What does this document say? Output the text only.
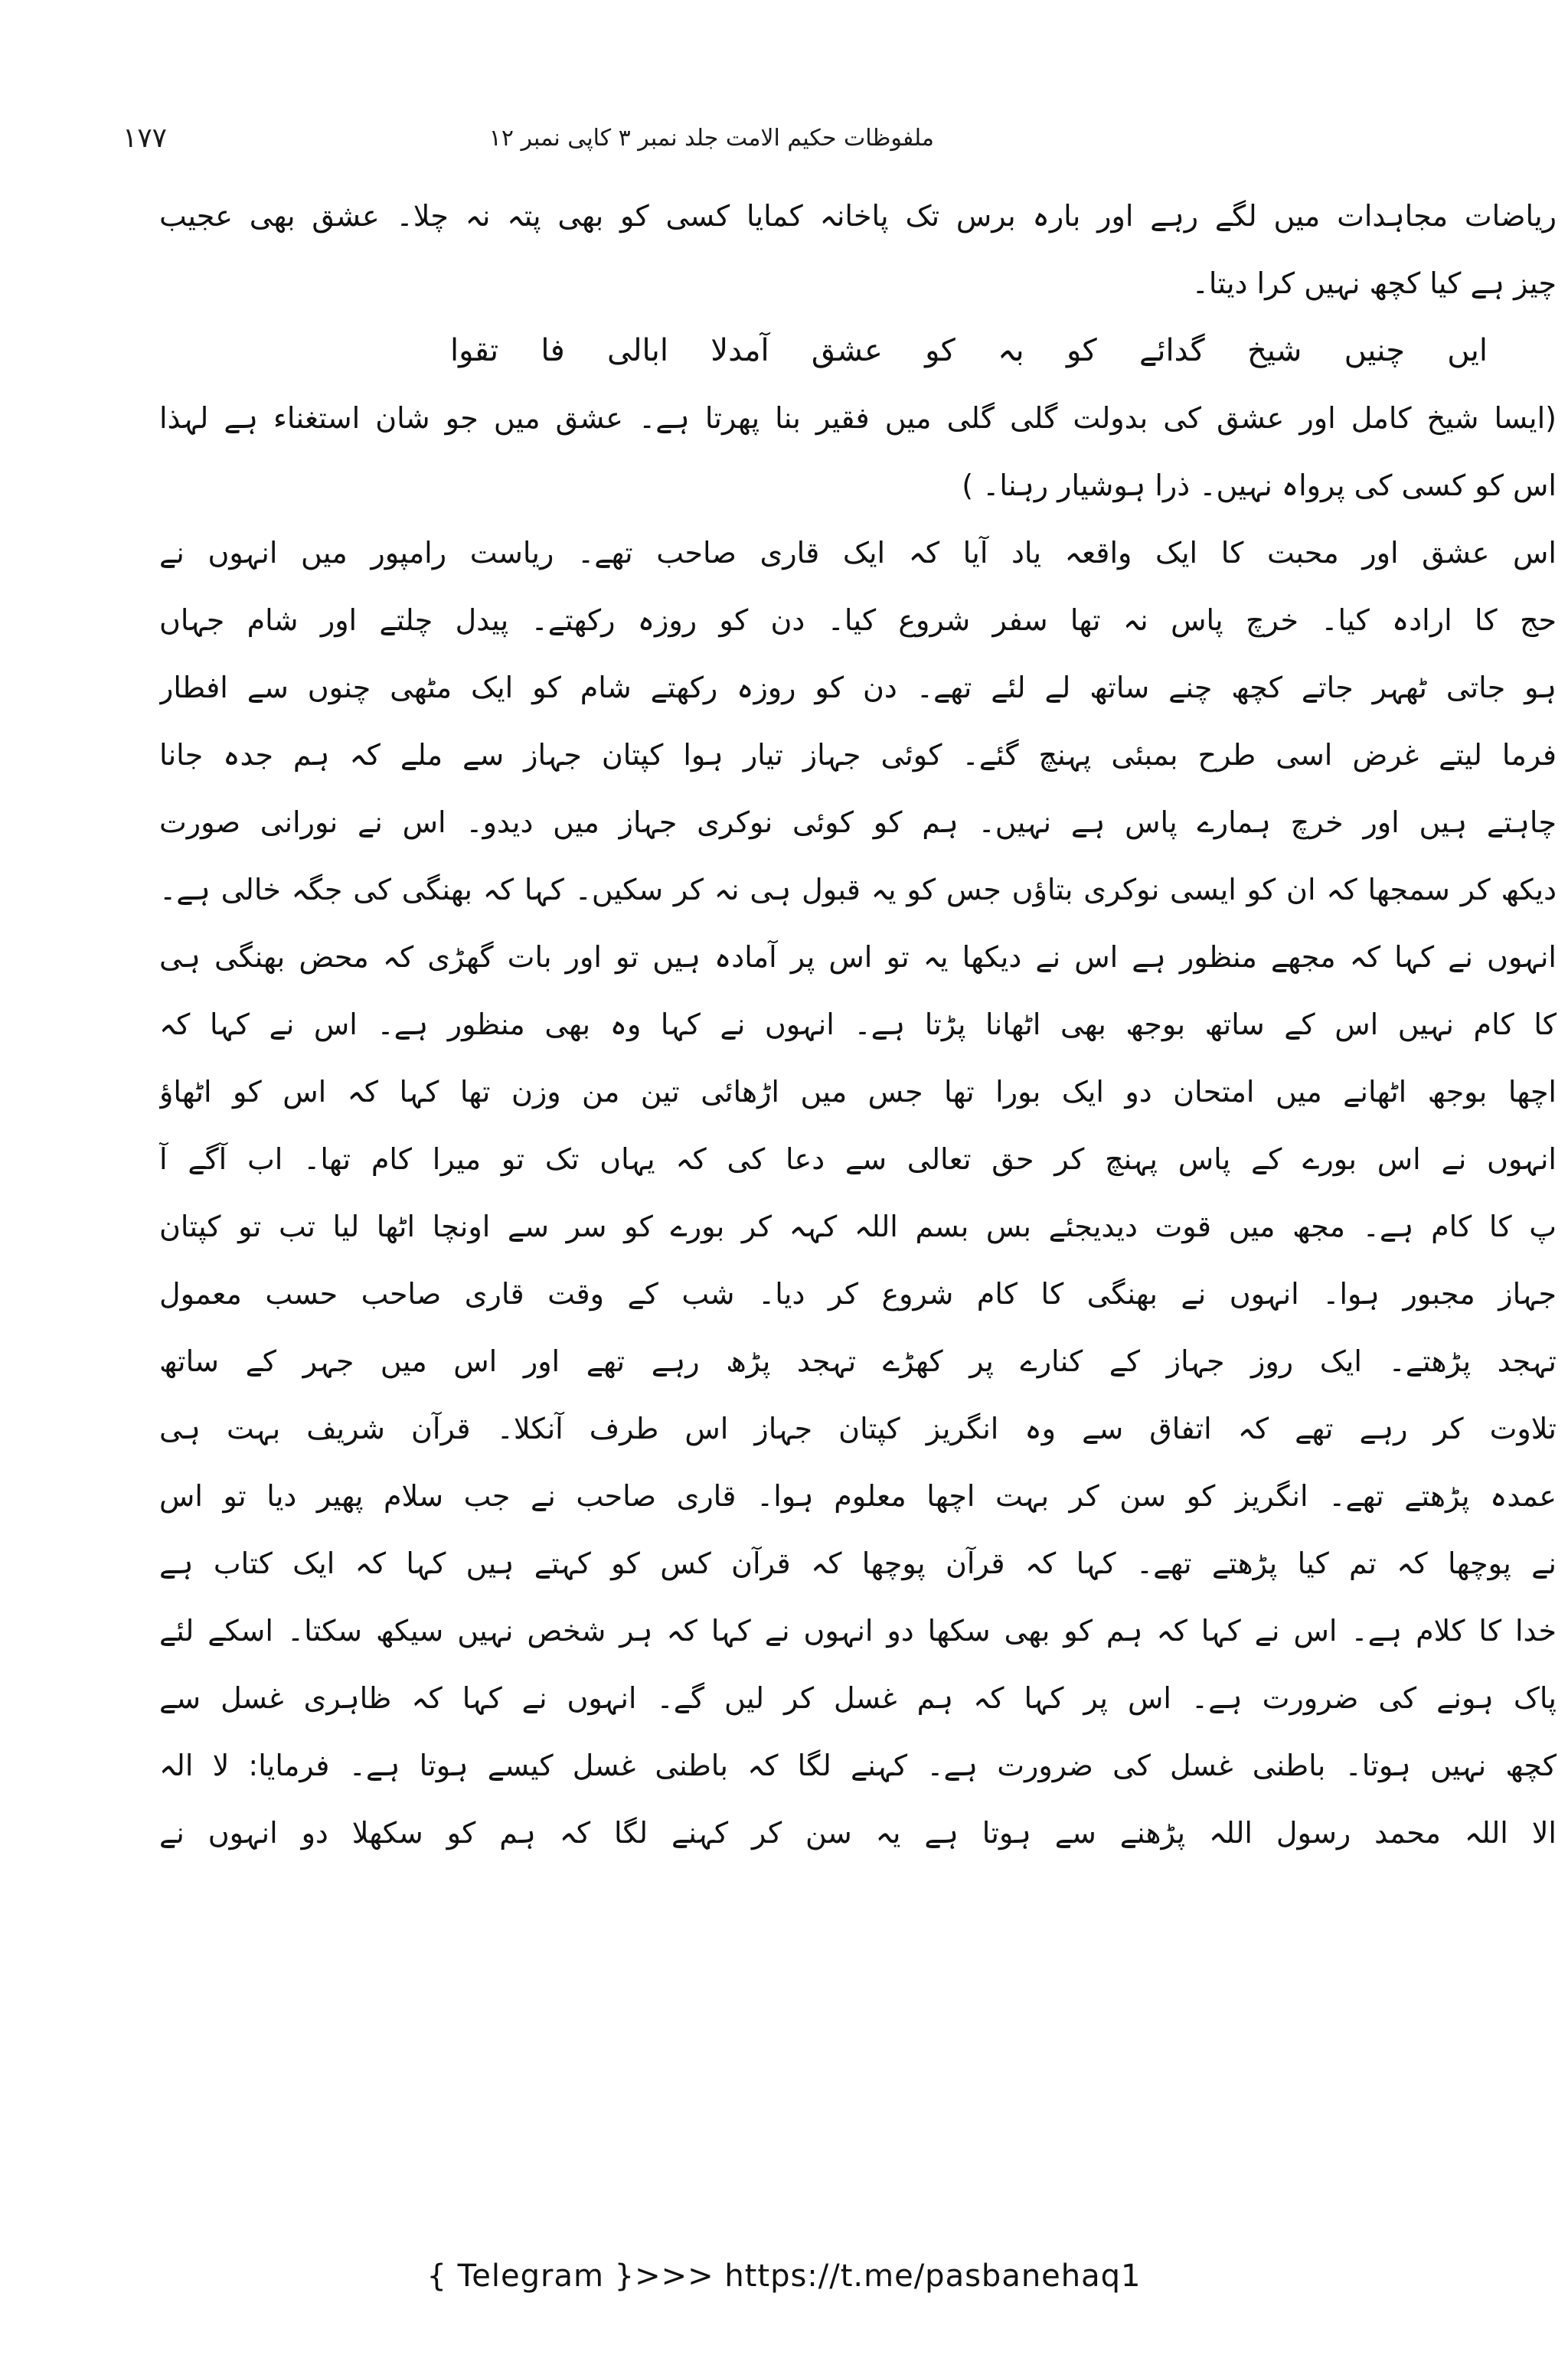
ملفوظات حکیم الامت جلد نمبر ۳ کاپی نمبر ۱۲
۱۷۷
ریاضات مجاہدات میں لگے رہے اور بارہ برس تک پاخانہ کمایا کسی کو بھی پتہ نہ چلا۔ عشق بھی عجیب
چیز ہے کیا کچھ نہیں کرا دیتا۔
ایں چنیں شیخ گدائے کو بہ کو عشق آمدلا ابالی فا تقوا
(ایسا شیخ کامل اور عشق کی بدولت گلی گلی میں فقیر بنا پھرتا ہے۔ عشق میں جو شان استغناء ہے لہذا
اس کو کسی کی پرواہ نہیں۔ ذرا ہوشیار رہنا۔ )
اس عشق اور محبت کا ایک واقعہ یاد آیا کہ ایک قاری صاحب تھے۔ ریاست رامپور میں انہوں نے
حج کا ارادہ کیا۔ خرچ پاس نہ تھا سفر شروع کیا۔ دن کو روزہ رکھتے۔ پیدل چلتے اور شام جہاں
ہو جاتی ٹھہر جاتے کچھ چنے ساتھ لے لئے تھے۔ دن کو روزہ رکھتے شام کو ایک مٹھی چنوں سے افطار
فرما لیتے غرض اسی طرح بمبئی پہنچ گئے۔ کوئی جہاز تیار ہوا کپتان جہاز سے ملے کہ ہم جدہ جانا
چاہتے ہیں اور خرچ ہمارے پاس ہے نہیں۔ ہم کو کوئی نوکری جہاز میں دیدو۔ اس نے نورانی صورت
دیکھ کر سمجھا کہ ان کو ایسی نوکری بتاؤں جس کو یہ قبول ہی نہ کر سکیں۔ کہا کہ بھنگی کی جگہ خالی ہے۔
انہوں نے کہا کہ مجھے منظور ہے اس نے دیکھا یہ تو اس پر آمادہ ہیں تو اور بات گھڑی کہ محض بھنگی ہی
کا کام نہیں اس کے ساتھ بوجھ بھی اٹھانا پڑتا ہے۔ انہوں نے کہا وہ بھی منظور ہے۔ اس نے کہا کہ
اچھا بوجھ اٹھانے میں امتحان دو ایک بورا تھا جس میں اڑھائی تین من وزن تھا کہا کہ اس کو اٹھاؤ
انہوں نے اس بورے کے پاس پہنچ کر حق تعالی سے دعا کی کہ یہاں تک تو میرا کام تھا۔ اب آگے آ
پ کا کام ہے۔ مجھ میں قوت دیدیجئے بس بسم اللہ کہہ کر بورے کو سر سے اونچا اٹھا لیا تب تو کپتان
جہاز مجبور ہوا۔ انہوں نے بھنگی کا کام شروع کر دیا۔ شب کے وقت قاری صاحب حسب معمول
تہجد پڑھتے۔ ایک روز جہاز کے کنارے پر کھڑے تہجد پڑھ رہے تھے اور اس میں جہر کے ساتھ
تلاوت کر رہے تھے کہ اتفاق سے وہ انگریز کپتان جہاز اس طرف آنکلا۔ قرآن شریف بہت ہی
عمدہ پڑھتے تھے۔ انگریز کو سن کر بہت اچھا معلوم ہوا۔ قاری صاحب نے جب سلام پھیر دیا تو اس
نے پوچھا کہ تم کیا پڑھتے تھے۔ کہا کہ قرآن پوچھا کہ قرآن کس کو کہتے ہیں کہا کہ ایک کتاب ہے
خدا کا کلام ہے۔ اس نے کہا کہ ہم کو بھی سکھا دو انہوں نے کہا کہ ہر شخص نہیں سیکھ سکتا۔ اسکے لئے
پاک ہونے کی ضرورت ہے۔ اس پر کہا کہ ہم غسل کر لیں گے۔ انہوں نے کہا کہ ظاہری غسل سے
کچھ نہیں ہوتا۔ باطنی غسل کی ضرورت ہے۔ کہنے لگا کہ باطنی غسل کیسے ہوتا ہے۔ فرمایا: لا الہ
الا اللہ محمد رسول اللہ پڑھنے سے ہوتا ہے یہ سن کر کہنے لگا کہ ہم کو سکھلا دو انہوں نے
{ Telegram }>>> https://t.me/pasbanehaq1
